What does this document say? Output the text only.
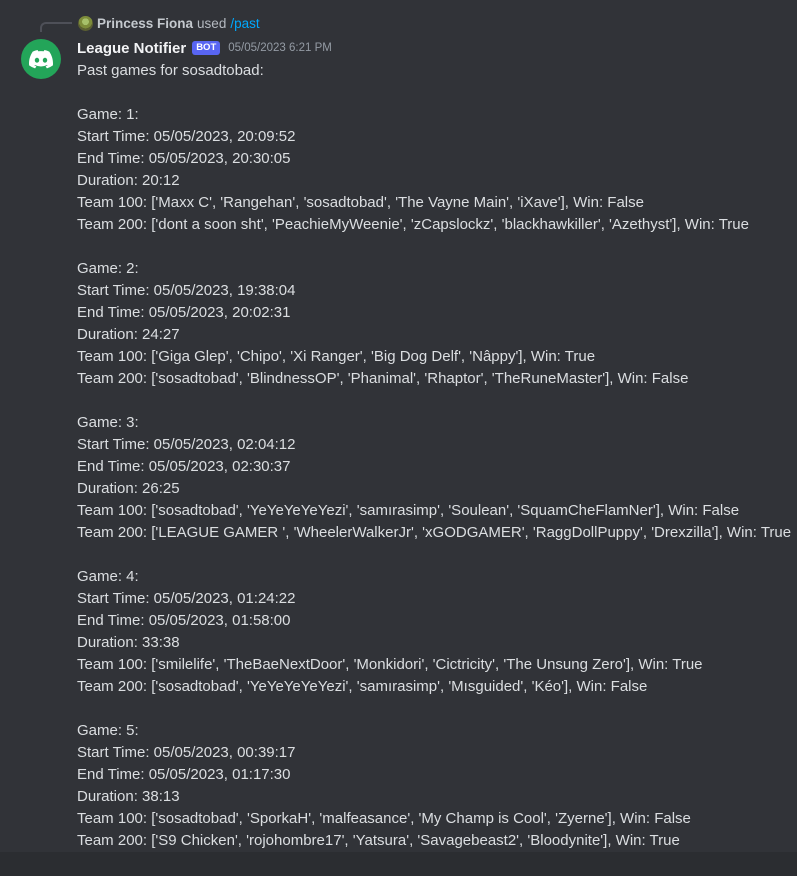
Princess Fiona used /past
League Notifier	BOT	05/05/2023 6:21 PM
Past games for sosadtobad:
Game: 1:
Start Time: 05/05/2023, 20:09:52
End Time: 05/05/2023, 20:30:05
Duration: 20:12
Team 100: ['Maxx C', 'Rangehan', 'sosadtobad', 'The Vayne Main', 'iXave'], Win: False
Team 200: ['dont a soon sht', 'PeachieMyWeenie', 'zCapslockz', 'blackhawkiller', 'Azethyst'], Win: True
Game: 2:
Start Time: 05/05/2023, 19:38:04
End Time: 05/05/2023, 20:02:31
Duration: 24:27
Team 100: ['Giga Glep', 'Chipo', 'Xi Ranger', 'Big Dog Delf', 'Nâppy'], Win: True
Team 200: ['sosadtobad', 'BlindnessOP', 'Phanimal', 'Rhaptor', 'TheRuneMaster'], Win: False
Game: 3:
Start Time: 05/05/2023, 02:04:12
End Time: 05/05/2023, 02:30:37
Duration: 26:25
Team 100: ['sosadtobad', 'YeYeYeYeYezi', 'samırasimp', 'Soulean', 'SquamCheFlamNer'], Win: False
Team 200: ['LEAGUE GAMER ', 'WheelerWalkerJr', 'xGODGAMER', 'RaggDollPuppy', 'Drexzilla'], Win: True
Game: 4:
Start Time: 05/05/2023, 01:24:22
End Time: 05/05/2023, 01:58:00
Duration: 33:38
Team 100: ['smilelife', 'TheBaeNextDoor', 'Monkidori', 'Cictricity', 'The Unsung Zero'], Win: True
Team 200: ['sosadtobad', 'YeYeYeYeYezi', 'samırasimp', 'Mısguided', 'Kéo'], Win: False
Game: 5:
Start Time: 05/05/2023, 00:39:17
End Time: 05/05/2023, 01:17:30
Duration: 38:13
Team 100: ['sosadtobad', 'SporkaH', 'malfeasance', 'My Champ is Cool', 'Zyerne'], Win: False
Team 200: ['S9 Chicken', 'rojohombre17', 'Yatsura', 'Savagebeast2', 'Bloodynite'], Win: True
